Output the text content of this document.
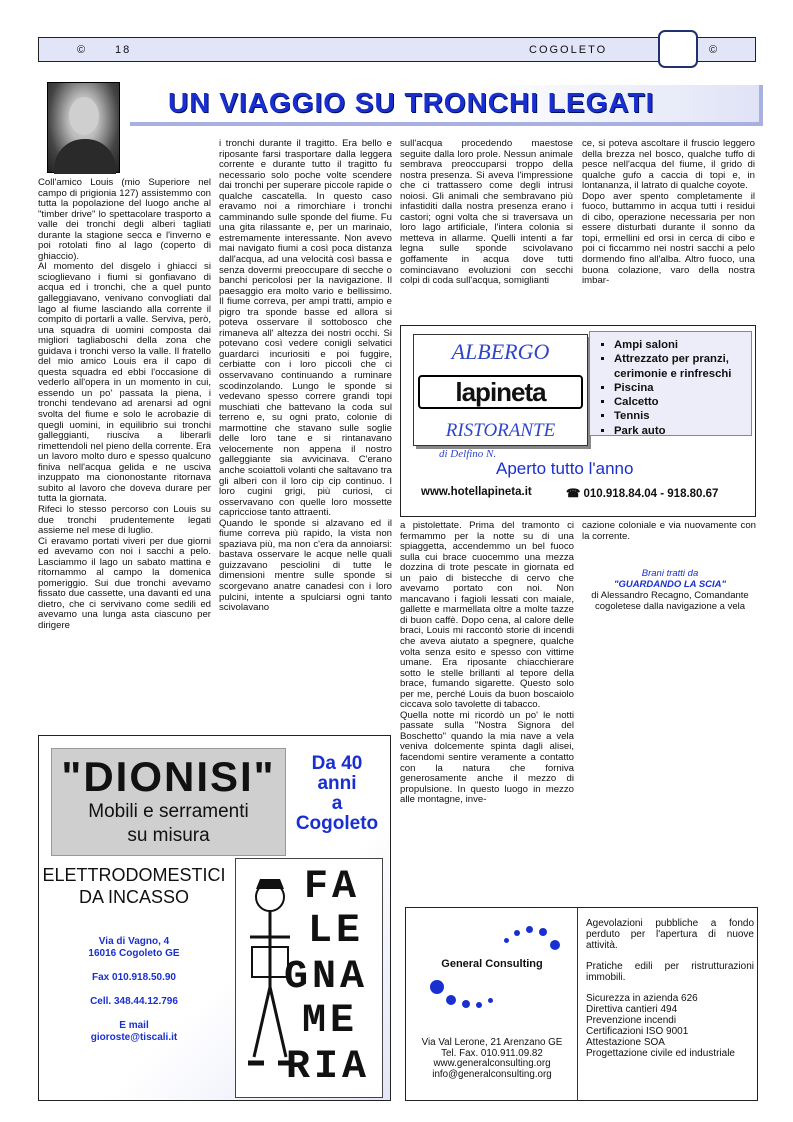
©	18	COGOLETO	©
UN VIAGGIO SU TRONCHI LEGATI

Coll'amico Louis (mio Superiore nel campo di prigionia 127) assistemmo con tutta la popolazione del luogo anche al "timber drive" lo spettacolare trasporto a valle dei tronchi degli alberi tagliati durante la stagione secca e l'inverno e poi rotolati fino al lago (coperto di ghiaccio).
Al momento del disgelo i ghiacci si scioglievano i fiumi si gonfiavano di acqua ed i tronchi, che a quel punto galleggiavano, venivano convogliati dal lago al fiume lasciando alla corrente il compito di portarli a valle. Serviva, però, una squadra di uomini composta dai migliori tagliaboschi della zona che guidava i tronchi verso la valle. Il fratello del mio amico Louis era il capo di questa squadra ed ebbi l'occasione di vederlo all'opera in un momento in cui, essendo un po' passata la piena, i tronchi tendevano ad arenarsi ad ogni svolta del fiume e solo le acrobazie di quegli uomini, in equilibrio sui tronchi galleggianti, riusciva a liberarli rimettendoli nel pieno della corrente. Era un lavoro molto duro e spesso qualcuno finiva nell'acqua gelida e ne usciva inzuppato ma ciononostante ritornava subito al lavoro che doveva durare per tutta la giornata.
Rifeci lo stesso percorso con Louis su due tronchi prudentemente legati assieme nel mese di luglio.
Ci eravamo portati viveri per due giorni ed avevamo con noi i sacchi a pelo. Lasciammo il lago un sabato mattina e ritornammo al campo la domenica pomeriggio. Sui due tronchi avevamo fissato due cassette, una davanti ed una dietro, che ci servivano come sedili ed avevamo una lunga asta ciascuno per dirigere

i tronchi durante il tragitto. Era bello e riposante farsi trasportare dalla leggera corrente e durante tutto il tragitto fu necessario solo poche volte scendere dai tronchi per superare piccole rapide o qualche cascatella. In questo caso eravamo noi a rimorchiare i tronchi camminando sulle sponde del fiume. Fu una gita rilassante e, per un marinaio, estremamente interessante. Non avevo mai navigato fiumi a così poca distanza dall'acqua, ad una velocità così bassa e senza dovermi preoccupare di secche o banchi pericolosi per la navigazione. Il paesaggio era molto vario e bellissimo. Il fiume correva, per ampi tratti, ampio e pigro tra sponde basse ed allora si poteva osservare il sottobosco che rimaneva all' altezza dei nostri occhi. Si potevano così vedere conigli selvatici guardarci incuriositi e poi fuggire, cerbiatte con i loro piccoli che ci osservavano continuando a ruminare scodinzolando. Lungo le sponde si vedevano spesso correre grandi topi muschiati che battevano la coda sul terreno e, su ogni prato, colonie di marmottine che stavano sulle soglie delle loro tane e si rintanavano velocemente non appena il nostro galleggiante sia avvicinava. C'erano anche scoiattoli volanti che saltavano tra gli alberi con il loro cip cip continuo. I loro cugini grigi, più curiosi, ci osservavano con quelle loro mossette capricciose tanto attraenti.
Quando le sponde si alzavano ed il fiume correva più rapido, la vista non spaziava più, ma non c'era da annoiarsi: bastava osservare le acque nelle quali guizzavano pesciolini di tutte le dimensioni mentre sulle sponde si scorgevano anatre canadesi con i loro pulcini, intente a spulciarsi ogni tanto scivolavano

sull'acqua procedendo maestose seguite dalla loro prole. Nessun animale sembrava preoccuparsi troppo della nostra presenza. Si aveva l'impressione che ci trattassero come degli intrusi noiosi. Gli animali che sembravano più infastiditi dalla nostra presenza erano i castori; ogni volta che si traversava un loro lago artificiale, l'intera colonia si metteva in allarme. Quelli intenti a far legna sulle sponde scivolavano goffamente in acqua dove tutti cominciavano evoluzioni con secchi colpi di coda sull'acqua, somiglianti

ce, si poteva ascoltare il fruscio leggero della brezza nel bosco, qualche tuffo di pesce nell'acqua del fiume, il grido di qualche gufo a caccia di topi e, in lontananza, il latrato di qualche coyote.
Dopo aver spento completamente il fuoco, buttammo in acqua tutti i residui di cibo, operazione necessaria per non essere disturbati durante il sonno da topi, ermellini ed orsi in cerca di cibo e poi ci ficcammo nei nostri sacchi a pelo dormendo fino all'alba. Altro fuoco, una buona colazione, varo della nostra imbar-

ALBERGO
lapineta
RISTORANTE
di Delfino N.
▪ Ampi saloni
▪ Attrezzato per pranzi,
cerimonie e rinfreschi
▪ Piscina
▪ Calcetto
▪ Tennis
▪ Park auto
Aperto tutto l'anno
www.hotellapineta.it	☎ 010.918.84.04 - 918.80.67

a pistolettate. Prima del tramonto ci fermammo per la notte su di una spiaggetta, accendemmo un bel fuoco sulla cui brace cuocemmo una mezza dozzina di trote pescate in giornata ed un paio di bistecche di cervo che avevamo portato con noi. Non mancavano i fagioli lessati con maiale, gallette e marmellata oltre a molte tazze di buon caffè. Dopo cena, al calore delle braci, Louis mi raccontò storie di incendi che aveva aiutato a spegnere, qualche volta senza esito e spesso con vittime umane. Era riposante chiacchierare sotto le stelle brillanti al tepore della brace, fumando sigarette. Questo solo per me, perché Louis da buon boscaiolo ciccava solo tavolette di tabacco.
Quella notte mi ricordò un po' le notti passate sulla "Nostra Signora del Boschetto" quando la mia nave a vela veniva dolcemente spinta dagli alisei, facendomi sentire veramente a contatto con la natura che forniva generosamente anche il mezzo di propulsione. In questo luogo in mezzo alle montagne, inve-

cazione coloniale e via nuovamente con la corrente.

Brani tratti da
"GUARDANDO LA SCIA"
di Alessandro Recagno, Comandante cogoletese dalla navigazione a vela
"DIONISI"
Mobili e serramenti
su misura
Da 40
anni
a
Cogoleto
ELETTRODOMESTICI
DA INCASSO
Via di Vagno, 4
16016 Cogoleto GE
Fax 010.918.50.90
Cell. 348.44.12.796
E mail
gioroste@tiscali.it
FA
LE
GNA
ME
RIA
General Consulting
Via Val Lerone, 21 Arenzano GE
Tel. Fax. 010.911.09.82
www.generalconsulting.org
info@generalconsulting.org

Agevolazioni pubbliche a fondo perduto per l'apertura di nuove attività.

Pratiche edili per ristrutturazioni immobili.

Sicurezza in azienda 626
Direttiva cantieri 494
Prevenzione incendi
Certificazioni ISO 9001
Attestazione SOA
Progettazione civile ed industriale
